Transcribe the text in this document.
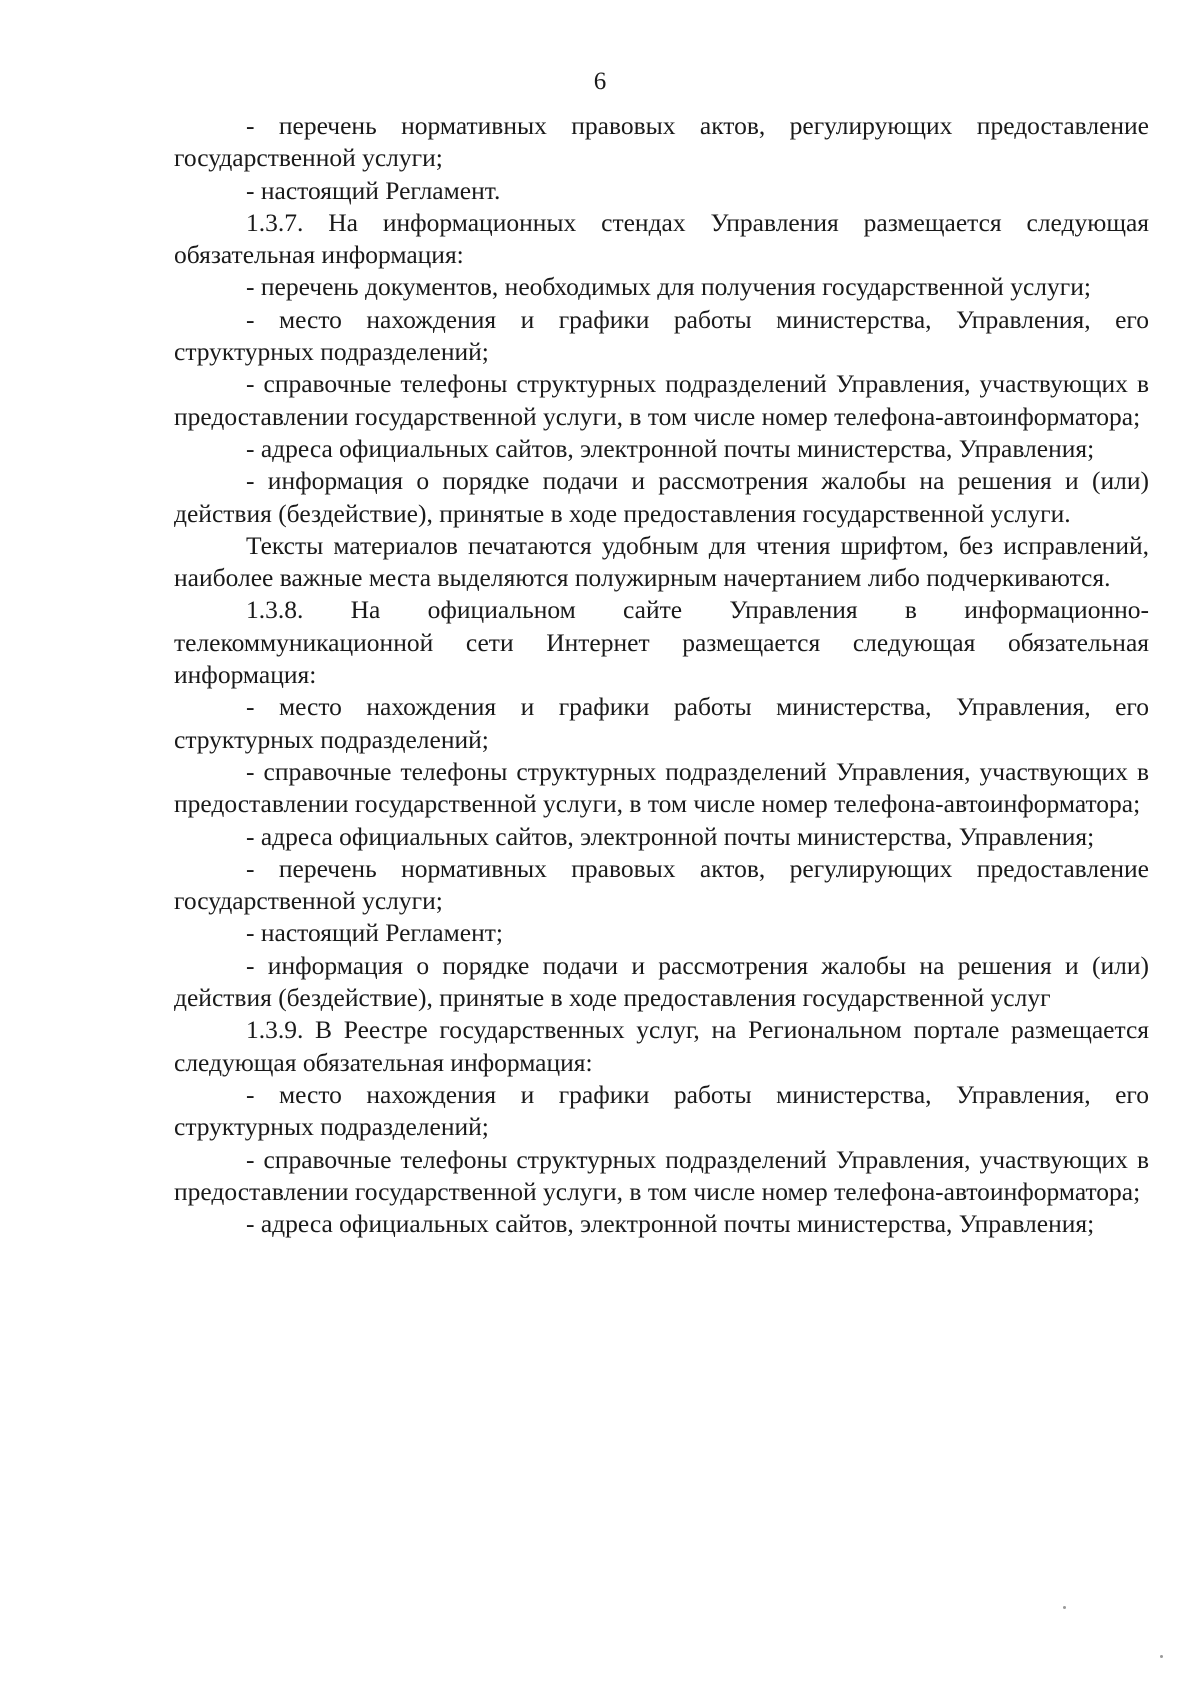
6

- перечень нормативных правовых актов, регулирующих предоставление государственной услуги;

- настоящий Регламент.

1.3.7. На информационных стендах Управления размещается следующая обязательная информация:

- перечень документов, необходимых для получения государственной услуги;

- место нахождения и графики работы министерства, Управления, его структурных подразделений;

- справочные телефоны структурных подразделений Управления, участвующих в предоставлении государственной услуги, в том числе номер телефона-автоинформатора;

- адреса официальных сайтов, электронной почты министерства, Управления;

- информация о порядке подачи и рассмотрения жалобы на решения и (или) действия (бездействие), принятые в ходе предоставления государственной услуги.

Тексты материалов печатаются удобным для чтения шрифтом, без исправлений, наиболее важные места выделяются полужирным начертанием либо подчеркиваются.

1.3.8. На официальном сайте Управления в информационно-телекоммуникационной сети Интернет размещается следующая обязательная информация:

- место нахождения и графики работы министерства, Управления, его структурных подразделений;

- справочные телефоны структурных подразделений Управления, участвующих в предоставлении государственной услуги, в том числе номер телефона-автоинформатора;

- адреса официальных сайтов, электронной почты министерства, Управления;

- перечень нормативных правовых актов, регулирующих предоставление государственной услуги;

- настоящий Регламент;

- информация о порядке подачи и рассмотрения жалобы на решения и (или) действия (бездействие), принятые в ходе предоставления государственной услуг

1.3.9. В Реестре государственных услуг, на Региональном портале размещается следующая обязательная информация:

- место нахождения и графики работы министерства, Управления, его структурных подразделений;

- справочные телефоны структурных подразделений Управления, участвующих в предоставлении государственной услуги, в том числе номер телефона-автоинформатора;

- адреса официальных сайтов, электронной почты министерства, Управления;
